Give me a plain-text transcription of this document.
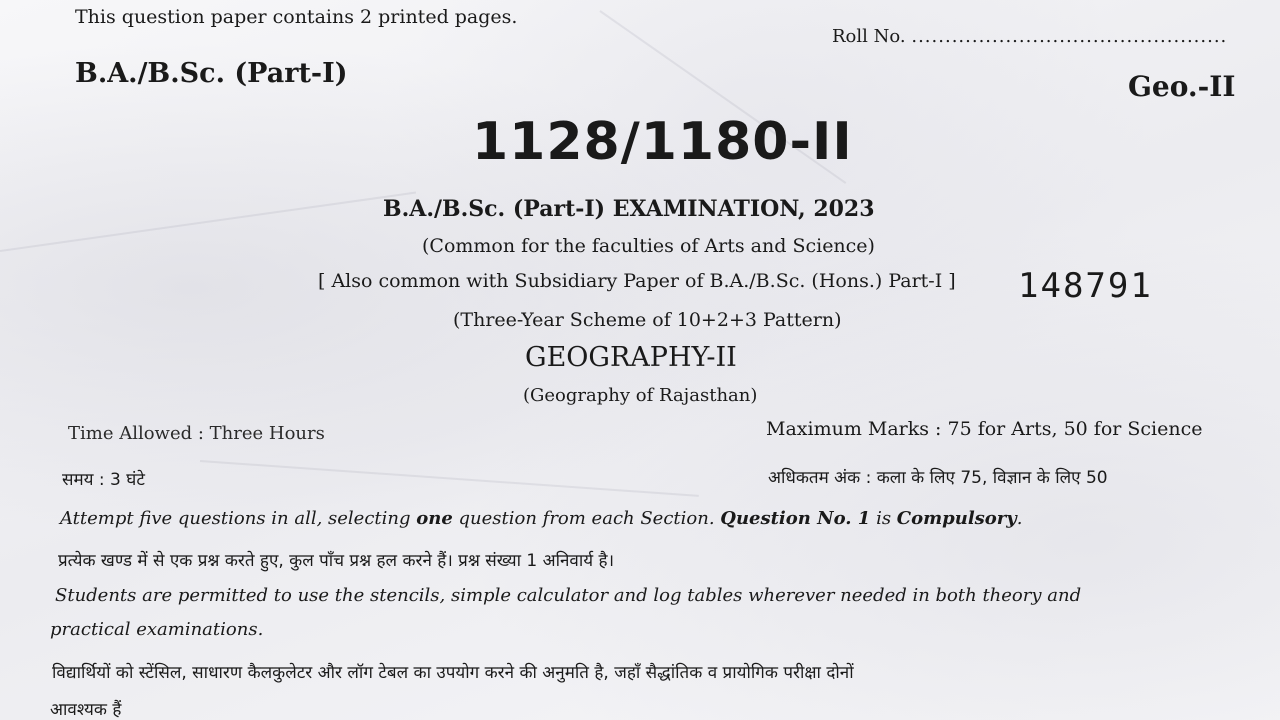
This question paper contains 2 printed pages.
Roll No. ...............................................
B.A./B.Sc. (Part-I)	Geo.-II
1128/1180-II
B.A./B.Sc. (Part-I) EXAMINATION, 2023
(Common for the faculties of Arts and Science)
[ Also common with Subsidiary Paper of B.A./B.Sc. (Hons.) Part-I ] 148791
(Three-Year Scheme of 10+2+3 Pattern)
GEOGRAPHY-II
(Geography of Rajasthan)
Time Allowed : Three Hours	Maximum Marks : 75 for Arts, 50 for Science
समय : 3 घंटे	अधिकतम अंक : कला के लिए 75, विज्ञान के लिए 50
Attempt five questions in all, selecting one question from each Section. Question No. 1 is Compulsory.
प्रत्येक खण्ड में से एक प्रश्न करते हुए, कुल पाँच प्रश्न हल करने हैं। प्रश्न संख्या 1 अनिवार्य है।
Students are permitted to use the stencils, simple calculator and log tables wherever needed in both theory and
practical examinations.
विद्यार्थियों को स्टेंसिल, साधारण कैलकुलेटर और लॉग टेबल का उपयोग करने की अनुमति है, जहाँ सैद्धांतिक व प्रायोगिक परीक्षा दोनों
आवश्यक हैं
